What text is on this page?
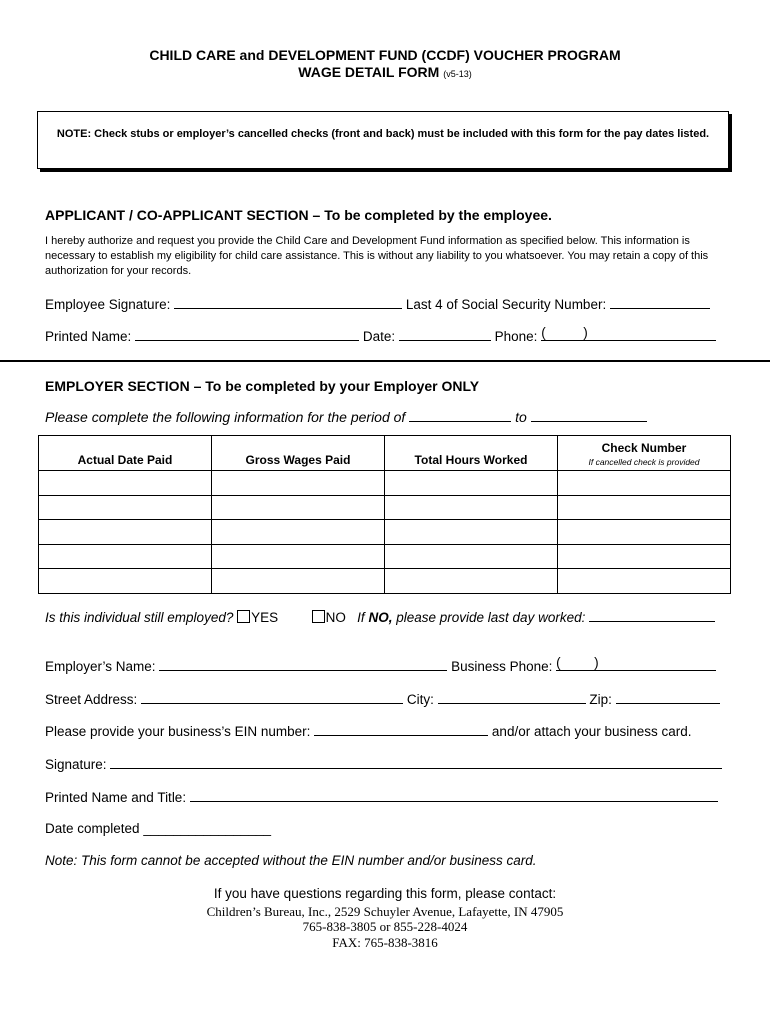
CHILD CARE and DEVELOPMENT FUND (CCDF) VOUCHER PROGRAM
WAGE DETAIL FORM (v5-13)
NOTE: Check stubs or employer’s cancelled checks (front and back) must be included with this form for the pay dates listed.
APPLICANT / CO-APPLICANT SECTION – To be completed by the employee.
I hereby authorize and request you provide the Child Care and Development Fund information as specified below. This information is necessary to establish my eligibility for child care assistance. This is without any liability to you whatsoever. You may retain a copy of this authorization for your records.
Employee Signature:	Last 4 of Social Security Number:
Printed Name:	Date:	Phone: (	)
EMPLOYER SECTION – To be completed by your Employer ONLY
Please complete the following information for the period of	to
Actual Date Paid	Gross Wages Paid	Total Hours Worked	Check Number
If cancelled check is provided

Is this individual still employed? YES	NO If NO, please provide last day worked:
Employer’s Name:	Business Phone: ( )
Street Address:	City:	Zip:
Please provide your business’s EIN number:	and/or attach your business card.
Signature:
Printed Name and Title:
Date completed _________________
Note: This form cannot be accepted without the EIN number and/or business card.
If you have questions regarding this form, please contact:
Children’s Bureau, Inc., 2529 Schuyler Avenue, Lafayette, IN 47905
765-838-3805 or 855-228-4024
FAX: 765-838-3816
